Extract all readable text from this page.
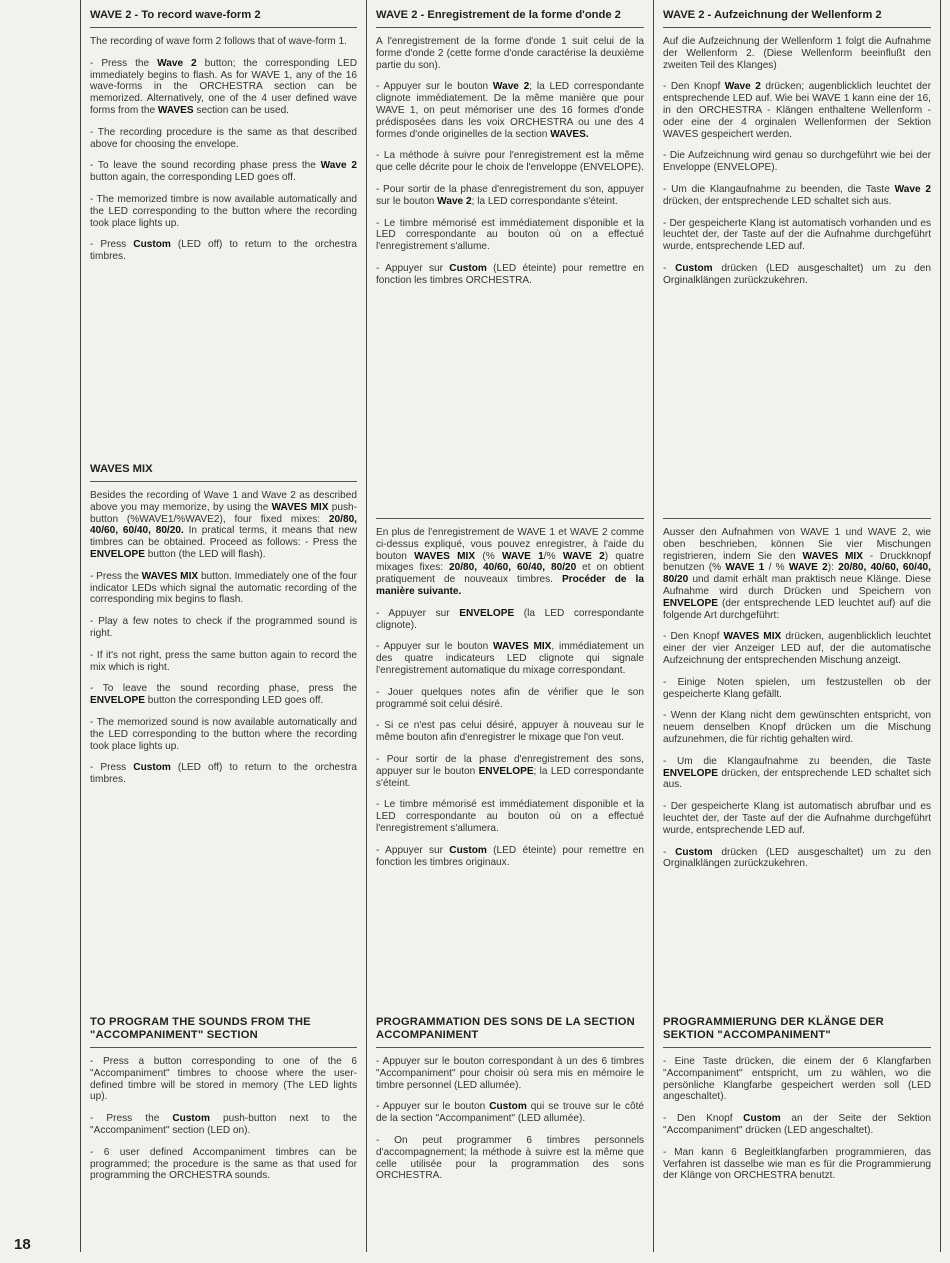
18
WAVE 2 - To record wave-form 2

The recording of wave form 2 follows that of wave-form 1.

- Press the Wave 2 button; the corresponding LED immediately begins to flash. As for WAVE 1, any of the 16 wave-forms in the ORCHESTRA section can be memorized. Alternatively, one of the 4 user defined wave forms from the WAVES section can be used.

- The recording procedure is the same as that described above for choosing the envelope.

- To leave the sound recording phase press the Wave 2 button again, the corresponding LED goes off.

- The memorized timbre is now available automatically and the LED corresponding to the button where the recording took place lights up.

- Press Custom (LED off) to return to the orchestra timbres.

WAVES MIX

Besides the recording of Wave 1 and Wave 2 as described above you may memorize, by using the WAVES MIX push-button (%WAVE1/%WAVE2), four fixed mixes: 20/80, 40/60, 60/40, 80/20. In pratical terms, it means that new timbres can be obtained. Proceed as follows: - Press the ENVELOPE button (the LED will flash).

- Press the WAVES MIX button. Immediately one of the four indicator LEDs which signal the automatic recording of the corresponding mix begins to flash.

- Play a few notes to check if the programmed sound is right.

- If it's not right, press the same button again to record the mix which is right.

- To leave the sound recording phase, press the ENVELOPE button the corresponding LED goes off.

- The memorized sound is now available automatically and the LED corresponding to the button where the recording took place lights up.

- Press Custom (LED off) to return to the orchestra timbres.

TO PROGRAM THE SOUNDS FROM THE "ACCOMPANIMENT" SECTION

- Press a button corresponding to one of the 6 "Accompaniment" timbres to choose where the user-defined timbre will be stored in memory (The LED lights up).

- Press the Custom push-button next to the "Accompaniment" section (LED on).

- 6 user defined Accompaniment timbres can be programmed; the procedure is the same as that used for programming the ORCHESTRA sounds.

WAVE 2 - Enregistrement de la forme d'onde 2

A l'enregistrement de la forme d'onde 1 suit celui de la forme d'onde 2 (cette forme d'onde caractérise la deuxième partie du son).

- Appuyer sur le bouton Wave 2; la LED correspondante clignote immédiatement. De la même manière que pour WAVE 1, on peut mémoriser une des 16 formes d'onde prédisposées dans les voix ORCHESTRA ou une des 4 formes d'onde originelles de la section WAVES.

- La méthode à suivre pour l'enregistrement est la même que celle décrite pour le choix de l'enveloppe (ENVELOPE).

- Pour sortir de la phase d'enregistrement du son, appuyer sur le bouton Wave 2; la LED correspondante s'éteint.

- Le timbre mémorisé est immédiatement disponible et la LED correspondante au bouton où on a effectué l'enregistrement s'allume.

- Appuyer sur Custom (LED éteinte) pour remettre en fonction les timbres ORCHESTRA.

En plus de l'enregistrement de WAVE 1 et WAVE 2 comme ci-dessus expliqué, vous pouvez enregistrer, à l'aide du bouton WAVES MIX (% WAVE 1/% WAVE 2) quatre mixages fixes: 20/80, 40/60, 60/40, 80/20 et on obtient pratiquement de nouveaux timbres. Procéder de la manière suivante.

- Appuyer sur ENVELOPE (la LED correspondante clignote).

- Appuyer sur le bouton WAVES MIX, immédiatement un des quatre indicateurs LED clignote qui signale l'enregistrement automatique du mixage correspondant.

- Jouer quelques notes afin de vérifier que le son programmé soit celui désiré.

- Si ce n'est pas celui désiré, appuyer à nouveau sur le même bouton afin d'enregistrer le mixage que l'on veut.

- Pour sortir de la phase d'enregistrement des sons, appuyer sur le bouton ENVELOPE; la LED correspondante s'éteint.

- Le timbre mémorisé est immédiatement disponible et la LED correspondante au bouton où on a effectué l'enregistrement s'allumera.

- Appuyer sur Custom (LED éteinte) pour remettre en fonction les timbres originaux.

PROGRAMMATION DES SONS DE LA SECTION ACCOMPANIMENT

- Appuyer sur le bouton correspondant à un des 6 timbres "Accompaniment" pour choisir où sera mis en mémoire le timbre personnel (LED allumée).

- Appuyer sur le bouton Custom qui se trouve sur le côté de la section "Accompaniment" (LED allumée).

- On peut programmer 6 timbres personnels d'accompagnement; la méthode à suivre est la même que celle utilisée pour la programmation des sons ORCHESTRA.

WAVE 2 - Aufzeichnung der Wellenform 2

Auf die Aufzeichnung der Wellenform 1 folgt die Aufnahme der Wellenform 2. (Diese Wellenform beeinflußt den zweiten Teil des Klanges)

- Den Knopf Wave 2 drücken; augenblicklich leuchtet der entsprechende LED auf. Wie bei WAVE 1 kann eine der 16, in den ORCHESTRA - Klängen enthaltene Wellenform - oder eine der 4 orginalen Wellenformen der Sektion WAVES gespeichert werden.

- Die Aufzeichnung wird genau so durchgeführt wie bei der Enveloppe (ENVELOPE).

- Um die Klangaufnahme zu beenden, die Taste Wave 2 drücken, der entsprechende LED schaltet sich aus.

- Der gespeicherte Klang ist automatisch vorhanden und es leuchtet der, der Taste auf der die Aufnahme durchgeführt wurde, entsprechende LED auf.

- Custom drücken (LED ausgeschaltet) um zu den Orginalklängen zurückzukehren.

Ausser den Aufnahmen von WAVE 1 und WAVE 2, wie oben beschrieben, können Sie vier Mischungen registrieren, indem Sie den WAVES MIX - Druckknopf benutzen (% WAVE 1 / % WAVE 2): 20/80, 40/60, 60/40, 80/20 und damit erhält man praktisch neue Klänge. Diese Aufnahme wird durch Drücken und Speichern von ENVELOPE (der entsprechende LED leuchtet auf) auf die folgende Art durchgeführt:

- Den Knopf WAVES MIX drücken, augenblicklich leuchtet einer der vier Anzeiger LED auf, der die automatische Aufzeichnung der entsprechenden Mischung anzeigt.

- Einige Noten spielen, um festzustellen ob der gespeicherte Klang gefällt.

- Wenn der Klang nicht dem gewünschten entspricht, von neuem denselben Knopf drücken um die Mischung aufzunehmen, die für richtig gehalten wird.

- Um die Klangaufnahme zu beenden, die Taste ENVELOPE drücken, der entsprechende LED schaltet sich aus.

- Der gespeicherte Klang ist automatisch abrufbar und es leuchtet der, der Taste auf der die Aufnahme durchgeführt wurde, entsprechende LED auf.

- Custom drücken (LED ausgeschaltet) um zu den Orginalklängen zurückzukehren.

PROGRAMMIERUNG DER KLÄNGE DER SEKTION "ACCOMPANIMENT"

- Eine Taste drücken, die einem der 6 Klangfarben "Accompaniment" entspricht, um zu wählen, wo die persönliche Klangfarbe gespeichert werden soll (LED angeschaltet).

- Den Knopf Custom an der Seite der Sektion "Accompaniment" drücken (LED angeschaltet).

- Man kann 6 Begleitklangfarben programmieren, das Verfahren ist dasselbe wie man es für die Programmierung der Klänge von ORCHESTRA benutzt.
